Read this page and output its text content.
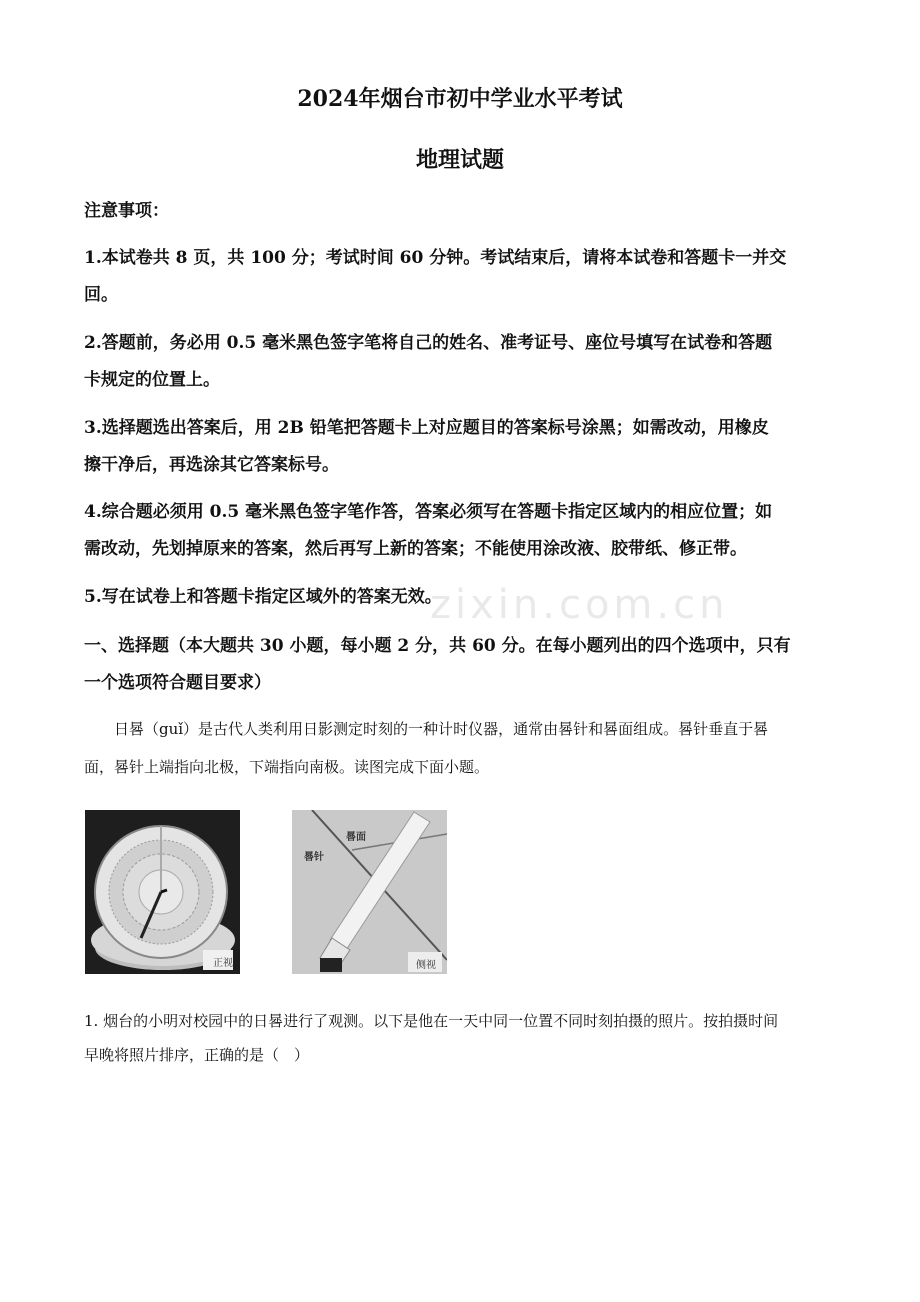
2024年烟台市初中学业水平考试
地理试题
注意事项：
1.本试卷共 8 页，共 100 分；考试时间 60 分钟。考试结束后，请将本试卷和答题卡一并交
回。
2.答题前，务必用 0.5 毫米黑色签字笔将自己的姓名、准考证号、座位号填写在试卷和答题
卡规定的位置上。
3.选择题选出答案后，用 2B 铅笔把答题卡上对应题目的答案标号涂黑；如需改动，用橡皮
擦干净后，再选涂其它答案标号。
4.综合题必须用 0.5 毫米黑色签字笔作答，答案必须写在答题卡指定区域内的相应位置；如
需改动，先划掉原来的答案，然后再写上新的答案；不能使用涂改液、胶带纸、修正带。
5.写在试卷上和答题卡指定区域外的答案无效。
zixin.com.cn
一、选择题（本大题共 30 小题，每小题 2 分，共 60 分。在每小题列出的四个选项中，只有
一个选项符合题目要求）
　　日晷（guǐ）是古代人类利用日影测定时刻的一种计时仪器，通常由晷针和晷面组成。晷针垂直于晷
面，晷针上端指向北极，下端指向南极。读图完成下面小题。
正视
晷针
晷面
侧视
1. 烟台的小明对校园中的日晷进行了观测。以下是他在一天中同一位置不同时刻拍摄的照片。按拍摄时间
早晚将照片排序，正确的是（　）
